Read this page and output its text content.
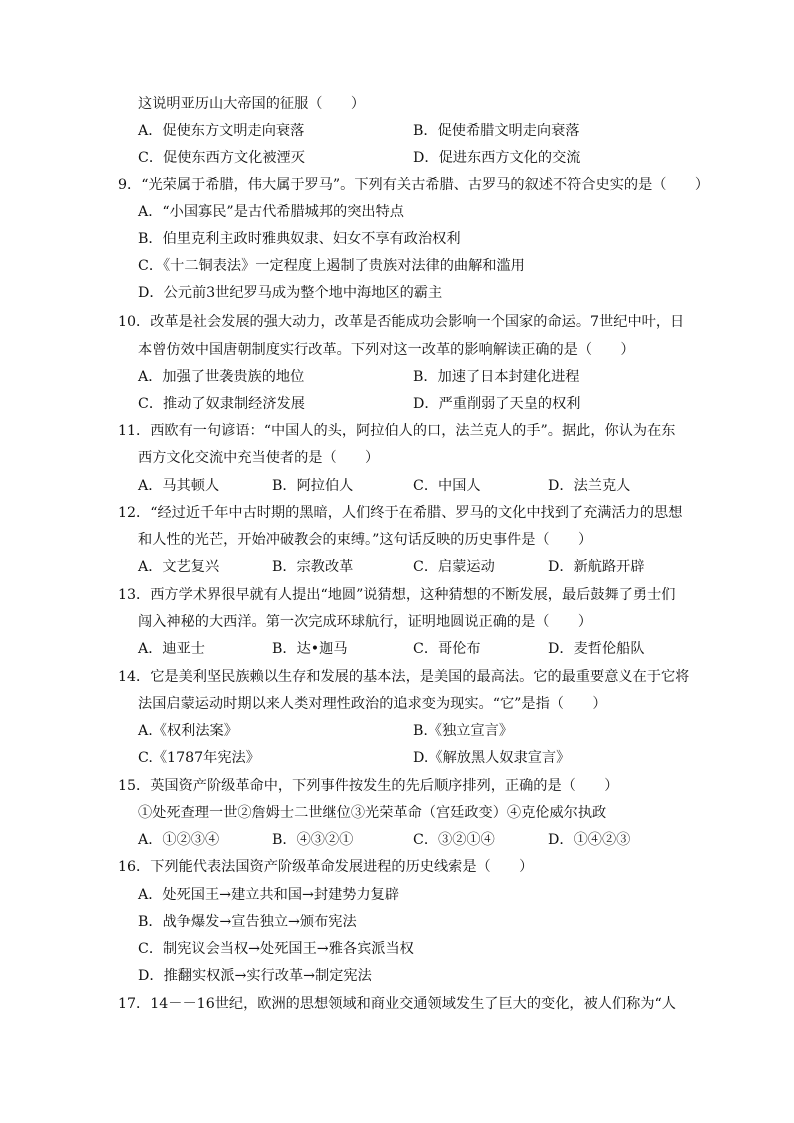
这说明亚历山大帝国的征服（　　）
A．促使东方文明走向衰落	B．促使希腊文明走向衰落
C．促使东西方文化被湮灭	D．促进东西方文化的交流
9．“光荣属于希腊，伟大属于罗马”。下列有关古希腊、古罗马的叙述不符合史实的是（　　）
A．“小国寡民”是古代希腊城邦的突出特点
B．伯里克利主政时雅典奴隶、妇女不享有政治权利
C．《十二铜表法》一定程度上遏制了贵族对法律的曲解和滥用
D．公元前3世纪罗马成为整个地中海地区的霸主
10．改革是社会发展的强大动力，改革是否能成功会影响一个国家的命运。7世纪中叶，日
本曾仿效中国唐朝制度实行改革。下列对这一改革的影响解读正确的是（　　）
A．加强了世袭贵族的地位	B．加速了日本封建化进程
C．推动了奴隶制经济发展	D．严重削弱了天皇的权利
11．西欧有一句谚语：“中国人的头，阿拉伯人的口，法兰克人的手”。据此，你认为在东
西方文化交流中充当使者的是（　　）
A．马其顿人	B．阿拉伯人	C．中国人	D．法兰克人
12．“经过近千年中古时期的黑暗，人们终于在希腊、罗马的文化中找到了充满活力的思想
和人性的光芒，开始冲破教会的束缚。”这句话反映的历史事件是（　　）
A．文艺复兴	B．宗教改革	C．启蒙运动	D．新航路开辟
13．西方学术界很早就有人提出“地圆”说猜想，这种猜想的不断发展，最后鼓舞了勇士们
闯入神秘的大西洋。第一次完成环球航行，证明地圆说正确的是（　　）
A．迪亚士	B．达•迦马	C．哥伦布	D．麦哲伦船队
14．它是美利坚民族赖以生存和发展的基本法，是美国的最高法。它的最重要意义在于它将
法国启蒙运动时期以来人类对理性政治的追求变为现实。“它”是指（　　）
A.《权利法案》	B.《独立宣言》
C.《1787年宪法》	D.《解放黑人奴隶宣言》
15．英国资产阶级革命中，下列事件按发生的先后顺序排列，正确的是（　　）
①处死查理一世②詹姆士二世继位③光荣革命（宫廷政变）④克伦威尔执政
A．①②③④	B．④③②①	C．③②①④	D．①④②③
16．下列能代表法国资产阶级革命发展进程的历史线索是（　　）
A．处死国王→建立共和国→封建势力复辟
B．战争爆发→宣告独立→颁布宪法
C．制宪议会当权→处死国王→雅各宾派当权
D．推翻实权派→实行改革→制定宪法
17．14－－16世纪，欧洲的思想领域和商业交通领域发生了巨大的变化，被人们称为“人
